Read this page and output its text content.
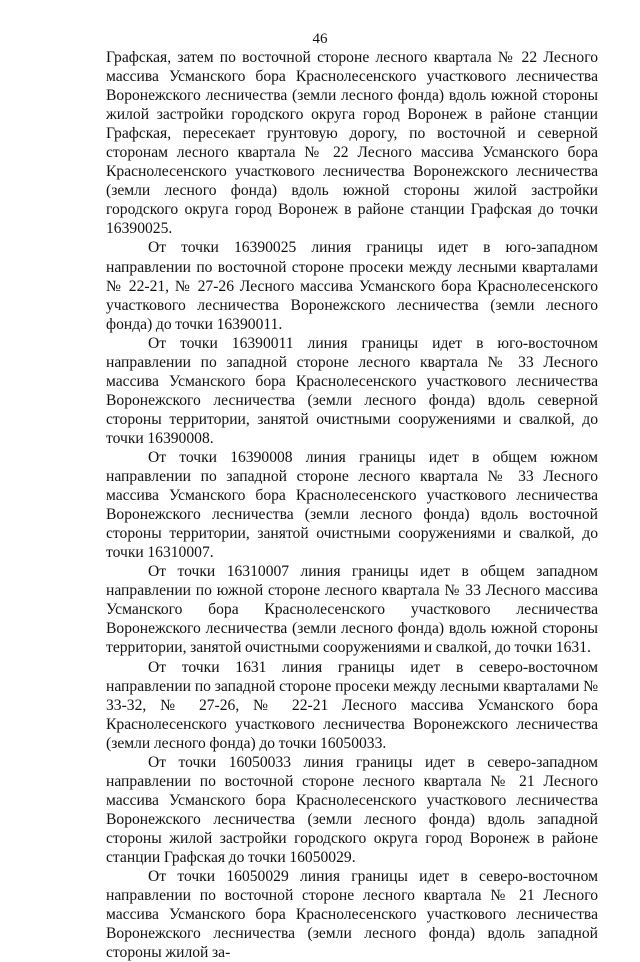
46

Графская, затем по восточной стороне лесного квартала № 22 Лесного массива Усманского бора Краснолесенского участкового лесничества Воронежского лесничества (земли лесного фонда) вдоль южной стороны жилой застройки городского округа город Воронеж в районе станции Графская, пересекает грунтовую дорогу, по восточной и северной сторонам лесного квартала № 22 Лесного массива Усманского бора Краснолесенского участкового лесничества Воронежского лесничества (земли лесного фонда) вдоль южной стороны жилой застройки городского округа город Воронеж в районе станции Графская до точки 16390025.

От точки 16390025 линия границы идет в юго-западном направлении по восточной стороне просеки между лесными кварталами № 22-21, № 27-26 Лесного массива Усманского бора Краснолесенского участкового лесничества Воронежского лесничества (земли лесного фонда) до точки 16390011.

От точки 16390011 линия границы идет в юго-восточном направлении по западной стороне лесного квартала № 33 Лесного массива Усманского бора Краснолесенского участкового лесничества Воронежского лесничества (земли лесного фонда) вдоль северной стороны территории, занятой очистными сооружениями и свалкой, до точки 16390008.

От точки 16390008 линия границы идет в общем южном направлении по западной стороне лесного квартала № 33 Лесного массива Усманского бора Краснолесенского участкового лесничества Воронежского лесничества (земли лесного фонда) вдоль восточной стороны территории, занятой очистными сооружениями и свалкой, до точки 16310007.

От точки 16310007 линия границы идет в общем западном направлении по южной стороне лесного квартала № 33 Лесного массива Усманского бора Краснолесенского участкового лесничества Воронежского лесничества (земли лесного фонда) вдоль южной стороны территории, занятой очистными сооружениями и свалкой, до точки 1631.

От точки 1631 линия границы идет в северо-восточном направлении по западной стороне просеки между лесными кварталами № 33-32, № 27-26, № 22-21 Лесного массива Усманского бора Краснолесенского участкового лесничества Воронежского лесничества (земли лесного фонда) до точки 16050033.

От точки 16050033 линия границы идет в северо-западном направлении по восточной стороне лесного квартала № 21 Лесного массива Усманского бора Краснолесенского участкового лесничества Воронежского лесничества (земли лесного фонда) вдоль западной стороны жилой застройки городского округа город Воронеж в районе станции Графская до точки 16050029.

От точки 16050029 линия границы идет в северо-восточном направлении по восточной стороне лесного квартала № 21 Лесного массива Усманского бора Краснолесенского участкового лесничества Воронежского лесничества (земли лесного фонда) вдоль западной стороны жилой за-
